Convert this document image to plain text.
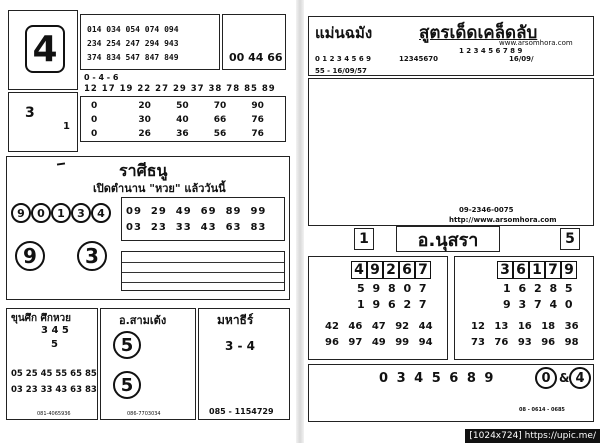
4	014 034 054 074 094
234 254 247 294 943
374 834 547 847 849	00 44 66
0 - 4 - 6
12 17 19 22 27 29 37 38 78 85 89
0	20	50	70	90
0	30	40	66	76
0	26	36	56	76
3
1
ราศีธนู
เปิดตำนาน "หวย" แล้ววันนี้
9 0 1 3 4
9 3
09 29 49 69 89 99
03 23 33 43 63 83
ขุนศึก ศึกหวย
3 4 5
5
05 25 45 55 65 85
03 23 33 43 63 83
081-4065936
อ.สามเต้ง
5
5
086-7703034
มหาธีร์
3 - 4
085 - 1154729
แม่นฉมัง	สูตรเด็ดเคล็ดลับ
www.arsomhora.com
0 1 2 3 4 5 6 9	12345670	16/09/
55 - 16/09/57
1 2 3 4 5 6 7 8 9
09-2346-0075
http://www.arsomhora.com
1	อ.นุสรา	5
4 9 2 6 7
5 9 8 0 7
1 9 6 2 7
42 46 47 92 44
96 97 49 99 94
3 6 1 7 9
1 6 2 8 5
9 3 7 4 0
12 13 16 18 36
73 76 93 96 98
0 3 4 5 6 8 9	0 & 4
08 - 0614 - 0685
[1024x724] https://upic.me/
